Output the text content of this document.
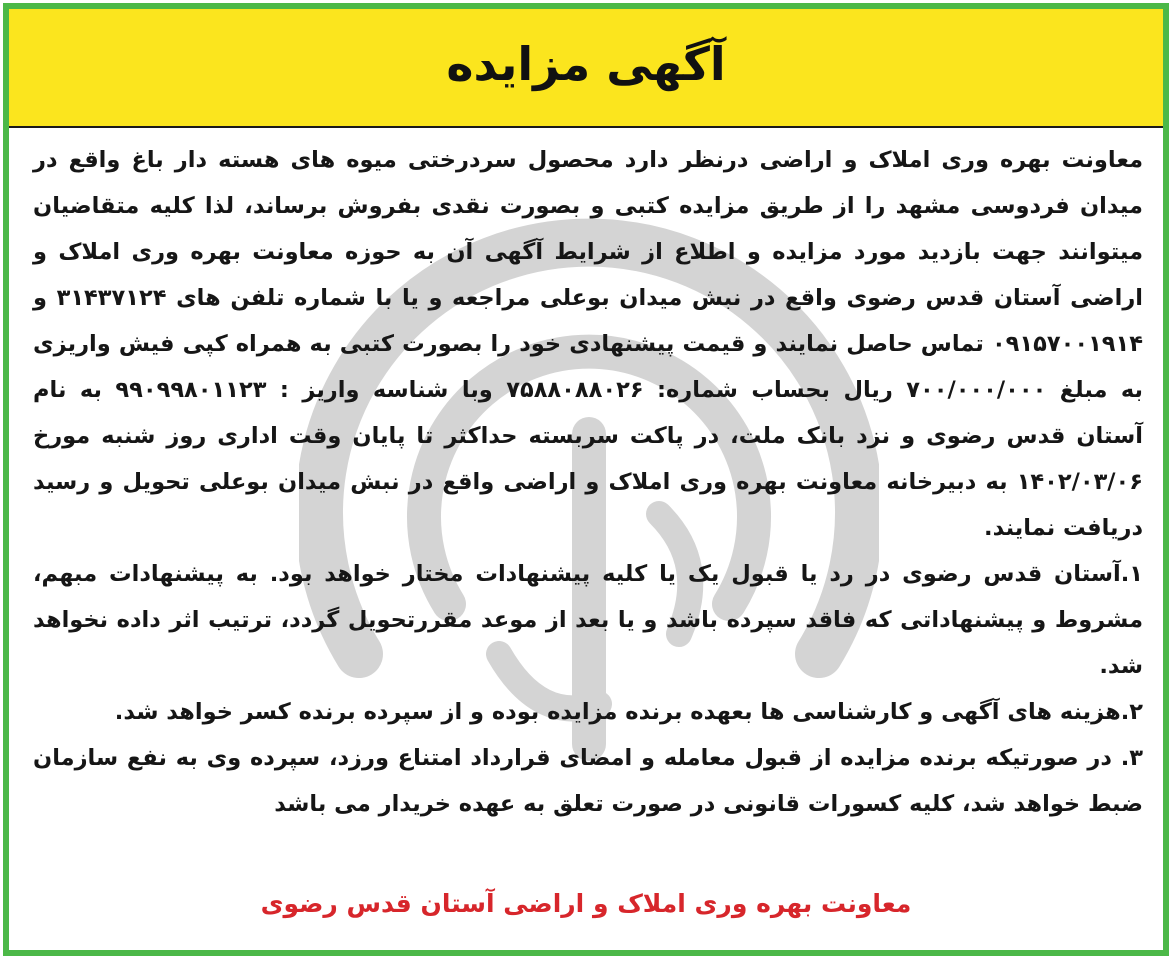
آگهی مزایده

معاونت بهره وری املاک و اراضی درنظر دارد محصول سردرختی میوه های هسته دار باغ واقع در میدان فردوسی مشهد را از طریق مزایده کتبی و بصورت نقدی بفروش برساند، لذا کلیه متقاضیان میتوانند جهت بازدید مورد مزایده و اطلاع از شرایط آگهی آن به حوزه معاونت بهره وری املاک و اراضی آستان قدس رضوی واقع در نبش میدان بوعلی مراجعه و یا با شماره تلفن های ۳۱۴۳۷۱۲۴ و ۰۹۱۵۷۰۰۱۹۱۴ تماس حاصل نمایند و قیمت پیشنهادی خود را بصورت کتبی به همراه کپی فیش واریزی به مبلغ ۷۰۰/۰۰۰/۰۰۰ ریال بحساب شماره: ۷۵۸۸۰۸۸۰۲۶ وبا شناسه واریز : ۹۹۰۹۹۸۰۱۱۲۳ به نام آستان قدس رضوی و نزد بانک ملت، در پاکت سربسته حداکثر تا پایان وقت اداری روز شنبه مورخ ۱۴۰۲/۰۳/۰۶ به دبیرخانه معاونت بهره وری املاک و اراضی واقع در نبش میدان بوعلی تحویل و رسید دریافت نمایند.

۱.آستان قدس رضوی در رد یا قبول یک یا کلیه پیشنهادات مختار خواهد بود. به پیشنهادات مبهم، مشروط و پیشنهاداتی که فاقد سپرده باشد و یا بعد از موعد مقررتحویل گردد، ترتیب اثر داده نخواهد شد.

۲.هزینه های آگهی و کارشناسی ها بعهده برنده مزایده بوده و از سپرده برنده کسر خواهد شد.

۳. در صورتیکه برنده مزایده از قبول معامله و امضای قرارداد امتناع ورزد، سپرده وی به نفع سازمان ضبط خواهد شد، کلیه کسورات قانونی در صورت تعلق به عهده خریدار می باشد

معاونت بهره وری املاک و اراضی آستان قدس رضوی
